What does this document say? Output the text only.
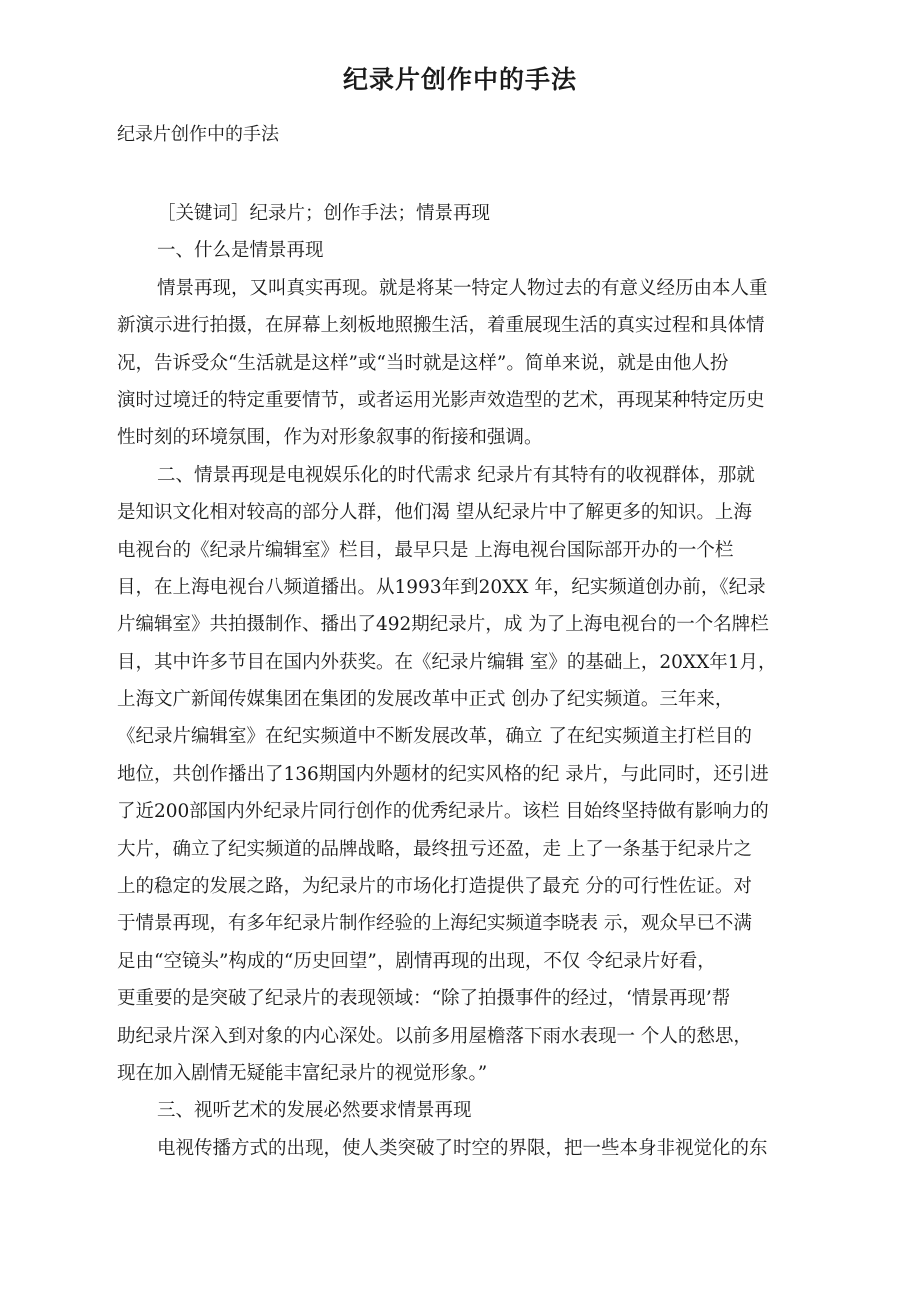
纪录片创作中的手法

纪录片创作中的手法

［关键词］纪录片；创作手法；情景再现
一、什么是情景再现
情景再现，又叫真实再现。就是将某一特定人物过去的有意义经历由本人重
新演示进行拍摄，在屏幕上刻板地照搬生活，着重展现生活的真实过程和具体情
况，告诉受众“生活就是这样”或“当时就是这样”。简单来说，就是由他人扮
演时过境迁的特定重要情节，或者运用光影声效造型的艺术，再现某种特定历史
性时刻的环境氛围，作为对形象叙事的衔接和强调。
二、情景再现是电视娱乐化的时代需求 纪录片有其特有的收视群体，那就
是知识文化相对较高的部分人群，他们渴 望从纪录片中了解更多的知识。上海
电视台的《纪录片编辑室》栏目，最早只是 上海电视台国际部开办的一个栏
目，在上海电视台八频道播出。从1993年到20XX 年，纪实频道创办前，《纪录
片编辑室》共拍摄制作、播出了492期纪录片，成 为了上海电视台的一个名牌栏
目，其中许多节目在国内外获奖。在《纪录片编辑 室》的基础上，20XX年1月，
上海文广新闻传媒集团在集团的发展改革中正式 创办了纪实频道。三年来，
《纪录片编辑室》在纪实频道中不断发展改革，确立 了在纪实频道主打栏目的
地位，共创作播出了136期国内外题材的纪实风格的纪 录片，与此同时，还引进
了近200部国内外纪录片同行创作的优秀纪录片。该栏 目始终坚持做有影响力的
大片，确立了纪实频道的品牌战略，最终扭亏还盈，走 上了一条基于纪录片之
上的稳定的发展之路，为纪录片的市场化打造提供了最充 分的可行性佐证。对
于情景再现，有多年纪录片制作经验的上海纪实频道李晓表 示，观众早已不满
足由“空镜头”构成的“历史回望”，剧情再现的出现，不仅 令纪录片好看，
更重要的是突破了纪录片的表现领域：“除了拍摄事件的经过，‘情景再现’帮
助纪录片深入到对象的内心深处。以前多用屋檐落下雨水表现一 个人的愁思，
现在加入剧情无疑能丰富纪录片的视觉形象。”
三、视听艺术的发展必然要求情景再现
电视传播方式的出现，使人类突破了时空的界限，把一些本身非视觉化的东
